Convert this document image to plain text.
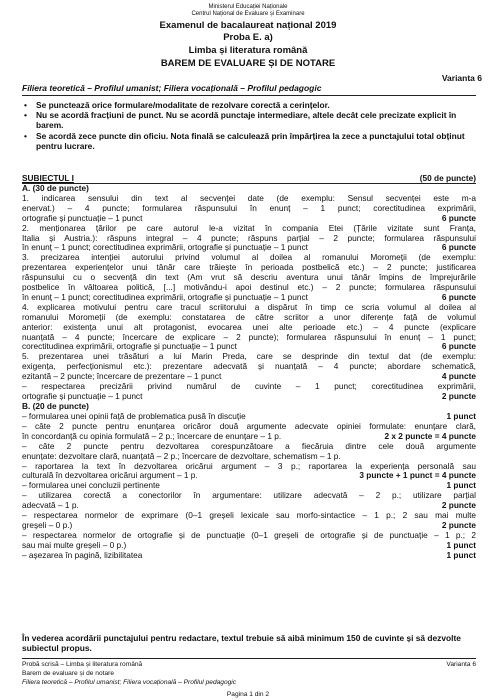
Ministerul Educației Naționale
Centrul Național de Evaluare și Examinare
Examenul de bacalaureat național 2019
Proba E. a)
Limba și literatura română
BAREM DE EVALUARE ȘI DE NOTARE
Varianta 6
Filiera teoretică – Profilul umanist; Filiera vocațională – Profilul pedagogic
• Se punctează orice formulare/modalitate de rezolvare corectă a cerințelor.
• Nu se acordă fracțiuni de punct. Nu se acordă punctaje intermediare, altele decât cele precizate explicit în barem.
• Se acordă zece puncte din oficiu. Nota finală se calculează prin împărțirea la zece a punctajului total obținut pentru lucrare.
SUBIECTUL I	(50 de puncte)
A. (30 de puncte)
1. indicarea sensului din text al secvenței date (de exemplu: Sensul secvenței este m-a
enervat.) – 4 puncte; formularea răspunsului în enunț – 1 punct; corectitudinea exprimării,
ortografie și punctuație – 1 punct	6 puncte
2. menționarea țărilor pe care autorul le-a vizitat în compania Etei (Țările vizitate sunt Franța,
Italia și Austria.): răspuns integral – 4 puncte; răspuns parțial – 2 puncte; formularea răspunsului
în enunț – 1 punct; corectitudinea exprimării, ortografie și punctuație – 1 punct	6 puncte
3. precizarea intenției autorului privind volumul al doilea al romanului Moromeții (de exemplu:
prezentarea experiențelor unui tânăr care trăiește în perioada postbelică etc.) – 2 puncte; justificarea
răspunsului cu o secvență din text (Am vrut să descriu aventura unui tânăr împins de împrejurările
postbelice în vâltoarea politică, [...] motivându-i apoi destinul etc.) – 2 puncte; formularea răspunsului
în enunț – 1 punct; corectitudinea exprimării, ortografie și punctuație – 1 punct	6 puncte
4. explicarea motivului pentru care tracul scriitorului a dispărut în timp ce scria volumul al doilea al
romanului Moromeții (de exemplu: constatarea de către scriitor a unor diferențe față de volumul
anterior: existența unui alt protagonist, evocarea unei alte perioade etc.) – 4 puncte (explicare
nuanțată – 4 puncte; încercare de explicare – 2 puncte); formularea răspunsului în enunț – 1 punct;
corectitudinea exprimării, ortografie și punctuație – 1 punct	6 puncte
5. prezentarea unei trăsături a lui Marin Preda, care se desprinde din textul dat (de exemplu:
exigența, perfecționismul etc.): prezentare adecvată și nuanțată – 4 puncte; abordare schematică,
ezitantă – 2 puncte; încercare de prezentare – 1 punct	4 puncte
– respectarea precizării privind numărul de cuvinte – 1 punct; corectitudinea exprimării,
ortografie și punctuație – 1 punct	2 puncte
B. (20 de puncte)
– formularea unei opinii față de problematica pusă în discuție	1 punct
– câte 2 puncte pentru enunțarea oricăror două argumente adecvate opiniei formulate: enunțare clară,
în concordanță cu opinia formulată – 2 p.; încercare de enunțare – 1 p.	2 x 2 puncte = 4 puncte
– câte 2 puncte pentru dezvoltarea corespunzătoare a fiecăruia dintre cele două argumente
enunțate: dezvoltare clară, nuanțată – 2 p.; încercare de dezvoltare, schematism – 1 p.
– raportarea la text în dezvoltarea oricărui argument – 3 p.; raportarea la experiența personală sau
culturală în dezvoltarea oricărui argument – 1 p.	3 puncte + 1 punct = 4 puncte
– formularea unei concluzii pertinente	1 punct
– utilizarea corectă a conectorilor în argumentare: utilizare adecvată – 2 p.; utilizare parțial
adecvată – 1 p.	2 puncte
– respectarea normelor de exprimare (0–1 greșeli lexicale sau morfo-sintactice – 1 p.; 2 sau mai multe
greșeli – 0 p.)	2 puncte
– respectarea normelor de ortografie și de punctuație (0–1 greșeli de ortografie și de punctuație – 1 p.; 2
sau mai multe greșeli – 0 p.)	1 punct
– așezarea în pagină, lizibilitatea	1 punct
În vederea acordării punctajului pentru redactare, textul trebuie să aibă minimum 150 de cuvinte și să dezvolte subiectul propus.
Probă scrisă – Limba și literatura română	Varianta 6
Barem de evaluare și de notare
Filiera teoretică – Profilul umanist; Filiera vocațională – Profilul pedagogic
Pagina 1 din 2
